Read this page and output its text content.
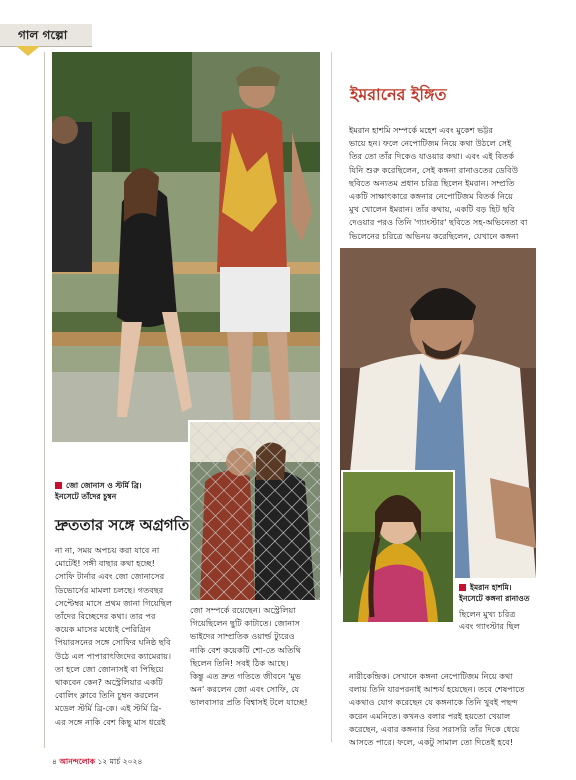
গাল গল্পো
জো জোনাস ও স্টর্মি ব্রি।
ইনসেটে তাঁদের চুম্বন
দ্রুততার সঙ্গে অগ্রগতি

না না, সময় অপচয় করা যাবে না

মোটেই! সঙ্গী বাছার কথা হচ্ছে!

সোফি টার্নার এবং জো জোনাসের

ডিভোর্সের মামলা চলছে। গতবছর

সেপ্টেম্বর মাসে প্রথম জানা গিয়েছিল

তাঁদের বিচ্ছেদের কথা। তার পর

কয়েক মাসের মধ্যেই পেরিগ্রিন

পিয়ারসনের সঙ্গে সোফির ঘনিষ্ঠ ছবি

উঠে এল পাপারাৎজিদের ক্যামেরায়।

তা হলে জো জোনাসই বা পিছিয়ে

থাকবেন কেন? অস্ট্রেলিয়ার একটি

বোলিং ক্লাবে তিনি চুম্বন করলেন

মডেল স্টর্মি ব্রি-কে। এই স্টর্মি ব্রি-

এর সঙ্গে নাকি বেশ কিছু মাস ধরেই

জো সম্পর্কে রয়েছেন। অস্ট্রেলিয়া

গিয়েছিলেন ছুটি কাটাতে। জোনাস

ভাইদের সাম্প্রতিক ওয়ার্ল্ড ট্যুরেও

নাকি বেশ কয়েকটি শো-তে অতিথি

ছিলেন তিনি! সবই ঠিক আছে।

কিন্তু এত দ্রুত গতিতে জীবনে 'মুভ

অন' করলেন জো এবং সোফি, যে

ভালবাসার প্রতি বিশ্বাসই টলে যাচ্ছে!

ইমরানের ইঙ্গিত

ইমরান হাশমি সম্পর্কে মহেশ এবং মুকেশ ভট্টর

ভায়ে হন। ফলে নেপোটিজম নিয়ে কথা উঠলে সেই

তির তো তাঁর দিকেও যাওয়ার কথা। এবং এই বিতর্ক

যিনি শুরু করেছিলেন, সেই কঙ্গনা রানাওতের ডেবিউ

ছবিতে অন্যতম প্রধান চরিত্র ছিলেন ইমরান। সম্প্রতি

একটি সাক্ষাৎকারে কঙ্গনার নেপোটিজম বিতর্ক নিয়ে

মুখ খোলেন ইমরান। তাঁর কথায়, একটি বড় হিট ছবি

দেওয়ার পরও তিনি 'গ্যাংস্টার' ছবিতে সহ-অভিনেতা বা

ভিলেনের চরিত্রে অভিনয় করেছিলেন, যেখানে কঙ্গনা

ইমরান হাশমি।
ইনসেটে কঙ্গনা রানাওত

ছিলেন মুখ্য চরিত্র

এবং গ্যাংস্টার ছিল

নারীকেন্দ্রিক। সেখানে কঙ্গনা নেপোটিজম নিয়ে কথা

বলায় তিনি যারপরনাই আশ্চর্য হয়েছেন। তবে শেষপাতে

একথাও যোগ করেছেন যে কঙ্গনাকে তিনি খুবই পছন্দ

করেন এমনিতে। কখনও বলার পরই হয়তো খেয়াল

করেছেন, এবার কঙ্গনার তির সরাসরি তাঁর দিকে ধেয়ে

আসতে পারে। ফলে, একটু সামাল তো দিতেই হবে!

৪ আনন্দলোক ১২ মার্চ ২০২৪
